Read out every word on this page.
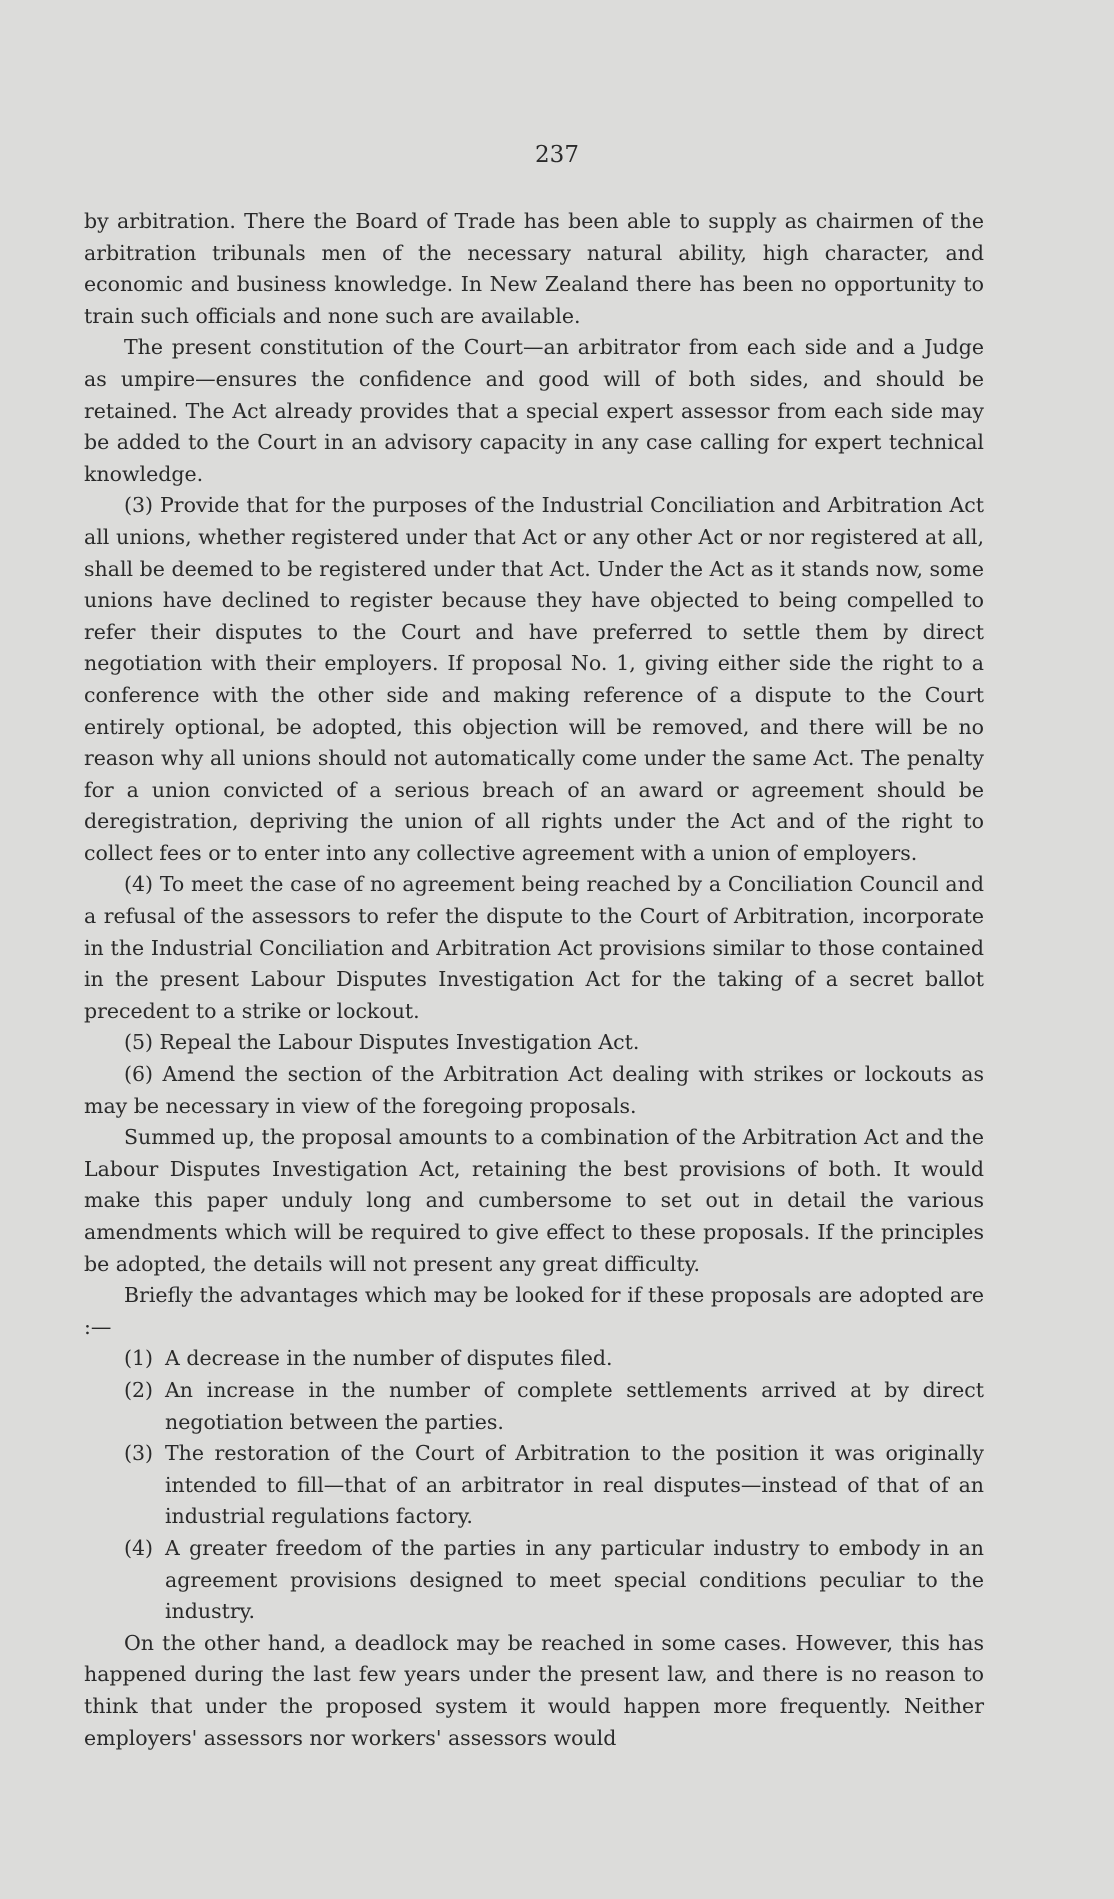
237

by arbitration. There the Board of Trade has been able to supply as chairmen of the arbitration tribunals men of the necessary natural ability, high character, and economic and business knowledge. In New Zealand there has been no opportunity to train such officials and none such are available.

The present constitution of the Court—an arbitrator from each side and a Judge as umpire—ensures the confidence and good will of both sides, and should be retained. The Act already provides that a special expert assessor from each side may be added to the Court in an advisory capacity in any case calling for expert technical knowledge.

(3) Provide that for the purposes of the Industrial Conciliation and Arbitration Act all unions, whether registered under that Act or any other Act or nor registered at all, shall be deemed to be registered under that Act. Under the Act as it stands now, some unions have declined to register because they have objected to being compelled to refer their disputes to the Court and have preferred to settle them by direct negotiation with their employers. If proposal No. 1, giving either side the right to a conference with the other side and making reference of a dispute to the Court entirely optional, be adopted, this objection will be removed, and there will be no reason why all unions should not automatically come under the same Act. The penalty for a union convicted of a serious breach of an award or agreement should be deregistration, depriving the union of all rights under the Act and of the right to collect fees or to enter into any collective agreement with a union of employers.

(4) To meet the case of no agreement being reached by a Conciliation Council and a refusal of the assessors to refer the dispute to the Court of Arbitration, incorporate in the Industrial Conciliation and Arbitration Act provisions similar to those contained in the present Labour Disputes Investigation Act for the taking of a secret ballot precedent to a strike or lockout.

(5) Repeal the Labour Disputes Investigation Act.

(6) Amend the section of the Arbitration Act dealing with strikes or lockouts as may be necessary in view of the foregoing proposals.

Summed up, the proposal amounts to a combination of the Arbitration Act and the Labour Disputes Investigation Act, retaining the best provisions of both. It would make this paper unduly long and cumbersome to set out in detail the various amendments which will be required to give effect to these proposals. If the principles be adopted, the details will not present any great difficulty.

Briefly the advantages which may be looked for if these proposals are adopted are :—

(1) A decrease in the number of disputes filed.

(2) An increase in the number of complete settlements arrived at by direct negotiation between the parties.

(3) The restoration of the Court of Arbitration to the position it was originally intended to fill—that of an arbitrator in real disputes—instead of that of an industrial regulations factory.

(4) A greater freedom of the parties in any particular industry to embody in an agreement provisions designed to meet special conditions peculiar to the industry.

On the other hand, a deadlock may be reached in some cases. However, this has happened during the last few years under the present law, and there is no reason to think that under the proposed system it would happen more frequently. Neither employers' assessors nor workers' assessors would
